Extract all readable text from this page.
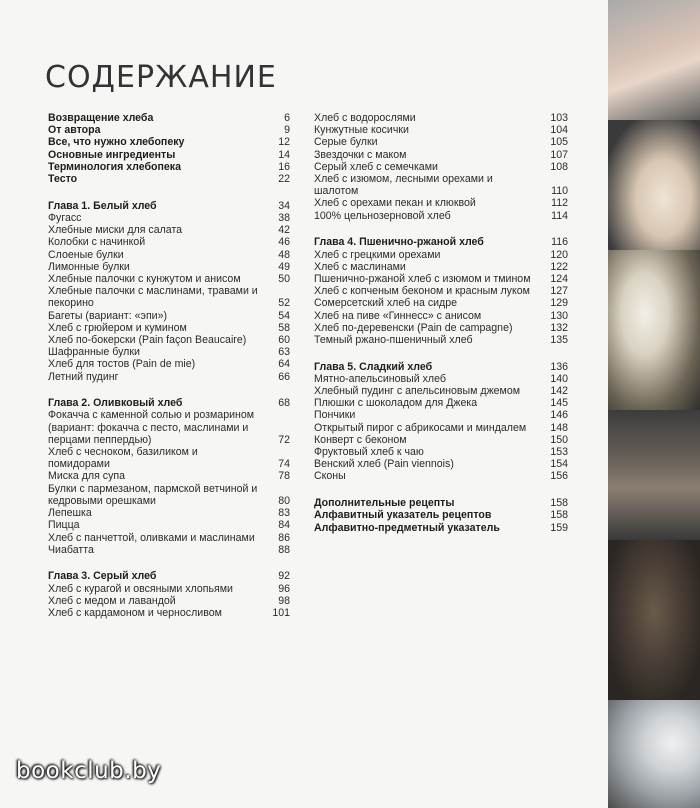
СОДЕРЖАНИЕ
Возвращение хлеба	6
От автора	9
Все, что нужно хлебопеку	12
Основные ингредиенты	14
Терминология хлебопека	16
Тесто	22
Глава 1. Белый хлеб	34
Фугасс	38
Хлебные миски для салата	42
Колобки с начинкой	46
Слоеные булки	48
Лимонные булки	49
Хлебные палочки с кунжутом и анисом	50
Хлебные палочки с маслинами, травами и пекорино	52
Багеты (вариант: «эпи»)	54
Хлеб с грюйером и кумином	58
Хлеб по-бокерски (Pain façon Beaucaire)	60
Шафранные булки	63
Хлеб для тостов (Pain de mie)	64
Летний пудинг	66
Глава 2. Оливковый хлеб	68
Фокачча с каменной солью и розмарином (вариант: фокачча с песто, маслинами и перцами пеппердью)	72
Хлеб с чесноком, базиликом и помидорами	74
Миска для супа	78
Булки с пармезаном, пармской ветчиной и кедровыми орешками	80
Лепешка	83
Пицца	84
Хлеб с панчеттой, оливками и маслинами	86
Чиабатта	88
Глава 3. Серый хлеб	92
Хлеб с курагой и овсяными хлопьями	96
Хлеб с медом и лавандой	98
Хлеб с кардамоном и черносливом	101
Хлеб с водорослями	103
Кунжутные косички	104
Серые булки	105
Звездочки с маком	107
Серый хлеб с семечками	108
Хлеб с изюмом, лесными орехами и шалотом	110
Хлеб с орехами пекан и клюквой	112
100% цельнозерновой хлеб	114
Глава 4. Пшенично-ржаной хлеб	116
Хлеб с грецкими орехами	120
Хлеб с маслинами	122
Пшенично-ржаной хлеб с изюмом и тмином	124
Хлеб с копченым беконом и красным луком	127
Сомерсетский хлеб на сидре	129
Хлеб на пиве «Гиннесс» с анисом	130
Хлеб по-деревенски (Pain de campagne)	132
Темный ржано-пшеничный хлеб	135
Глава 5. Сладкий хлеб	136
Мятно-апельсиновый хлеб	140
Хлебный пудинг с апельсиновым джемом	142
Плюшки с шоколадом для Джека	145
Пончики	146
Открытый пирог с абрикосами и миндалем	148
Конверт с беконом	150
Фруктовый хлеб к чаю	153
Венский хлеб (Pain viennois)	154
Сконы	156
Дополнительные рецепты	158
Алфавитный указатель рецептов	158
Алфавитно-предметный указатель	159
bookclub.by
